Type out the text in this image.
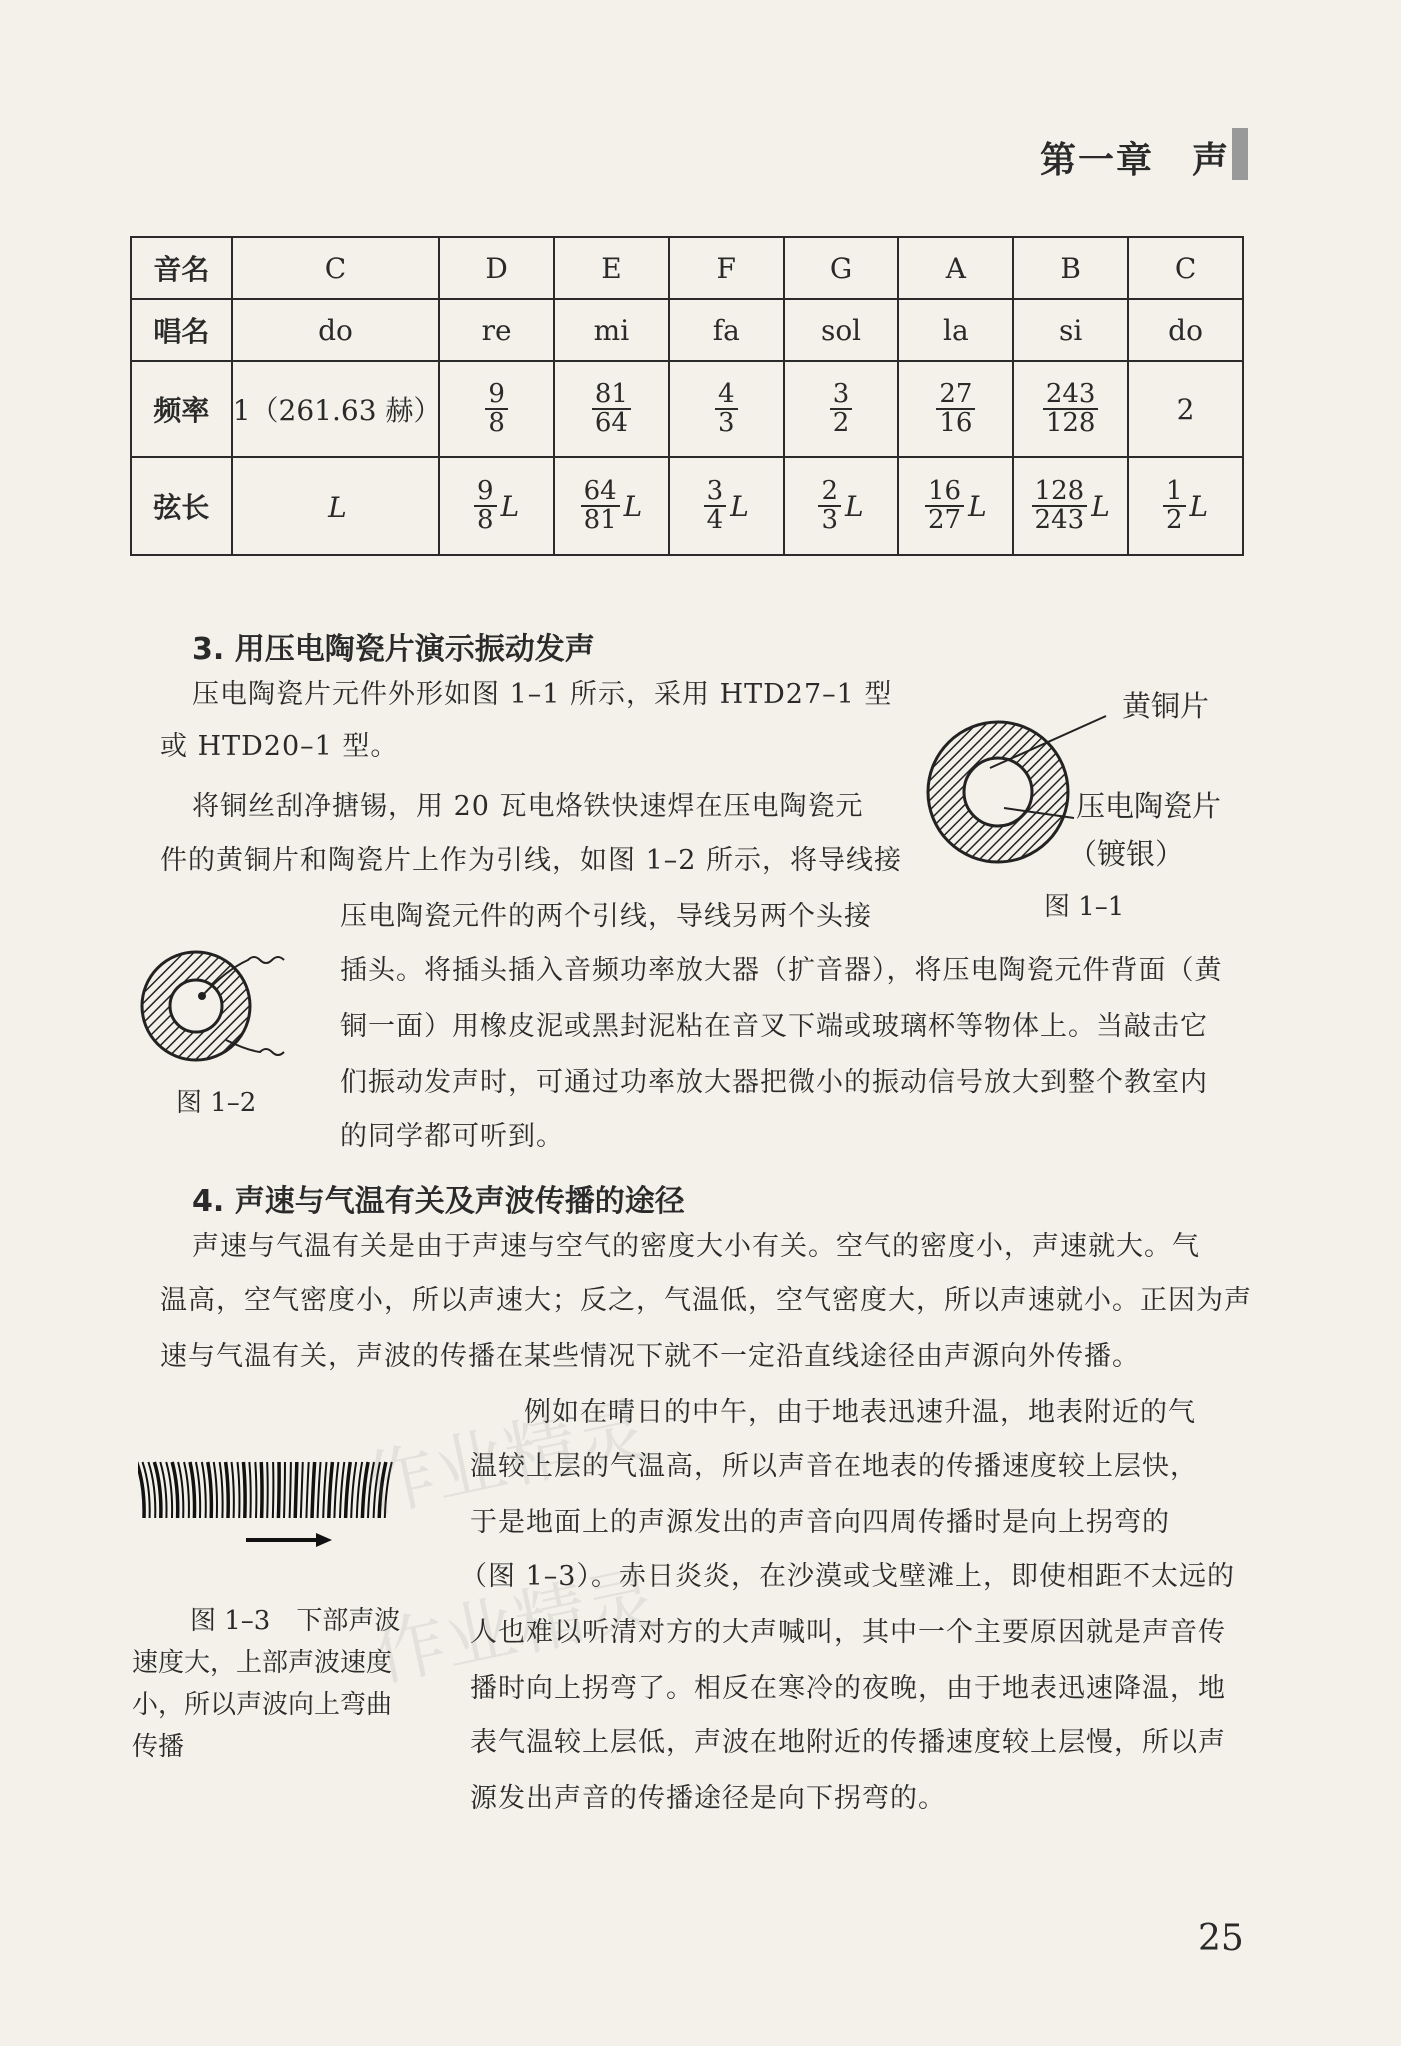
第一章　声
音名	C	D	E	F	G	A	B	C
唱名	do	re	mi	fa	sol	la	si	do
频率	1（261.63 赫）	$\frac{9}{8}$	$\frac{81}{64}$	$\frac{4}{3}$	$\frac{3}{2}$	$\frac{27}{16}$	$\frac{243}{128}$	2
弦长	L	$\frac{9}{8}$ L	$\frac{64}{81}$ L	$\frac{3}{4}$ L	$\frac{2}{3}$ L	$\frac{16}{27}$ L	$\frac{128}{243}$ L	$\frac{1}{2}$ L
3. 用压电陶瓷片演示振动发声
压电陶瓷片元件外形如图 1–1 所示，采用 HTD27–1 型
或 HTD20–1 型。
将铜丝刮净搪锡，用 20 瓦电烙铁快速焊在压电陶瓷元
件的黄铜片和陶瓷片上作为引线，如图 1–2 所示，将导线接
压电陶瓷元件的两个引线，导线另两个头接
插头。将插头插入音频功率放大器（扩音器），将压电陶瓷元件背面（黄
铜一面）用橡皮泥或黑封泥粘在音叉下端或玻璃杯等物体上。当敲击它
们振动发声时，可通过功率放大器把微小的振动信号放大到整个教室内
的同学都可听到。
黄铜片
压电陶瓷片
（镀银）
图 1–1
图 1–2
4. 声速与气温有关及声波传播的途径
声速与气温有关是由于声速与空气的密度大小有关。空气的密度小，声速就大。气
温高，空气密度小，所以声速大；反之，气温低，空气密度大，所以声速就小。正因为声
速与气温有关，声波的传播在某些情况下就不一定沿直线途径由声源向外传播。
例如在晴日的中午，由于地表迅速升温，地表附近的气
温较上层的气温高，所以声音在地表的传播速度较上层快，
于是地面上的声源发出的声音向四周传播时是向上拐弯的
（图 1–3）。赤日炎炎，在沙漠或戈壁滩上，即使相距不太远的
人也难以听清对方的大声喊叫，其中一个主要原因就是声音传
播时向上拐弯了。相反在寒冷的夜晚，由于地表迅速降温，地
表气温较上层低，声波在地附近的传播速度较上层慢，所以声
源发出声音的传播途径是向下拐弯的。
图 1–3　下部声波
速度大，上部声波速度
小，所以声波向上弯曲
传播
作业精灵
作业精灵
25
